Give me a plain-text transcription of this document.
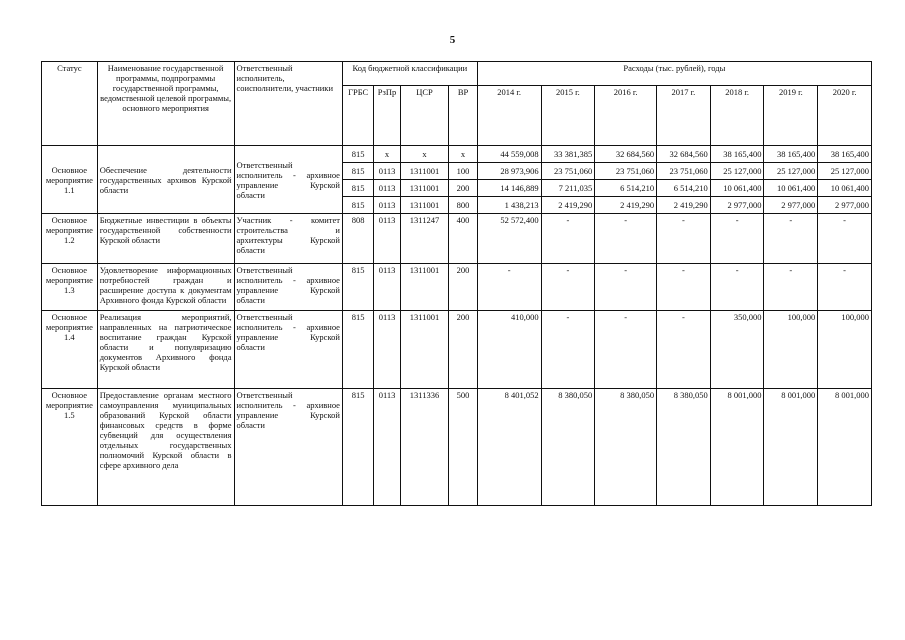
5
Статус	Наименование государственной программы, подпрограммы государственной программы, ведомственной целевой программы, основного мероприятия	Ответственный исполнитель, соисполнители, участники	Код бюджетной классификации				Расходы (тыс. рублей), годы						
			ГРБС	РзПр	ЦСР	ВР	2014 г.	2015 г.	2016 г.	2017 г.	2018 г.	2019 г.	2020 г.
Основное мероприятие 1.1	Обеспечение деятельности государственных архивов Курской области	Ответственный исполнитель - архивное управление Курской области	815	х	х	х	44 559,008	33 381,385	32 684,560	32 684,560	38 165,400	38 165,400	38 165,400
			815	0113	1311001	100	28 973,906	23 751,060	23 751,060	23 751,060	25 127,000	25 127,000	25 127,000
			815	0113	1311001	200	14 146,889	7 211,035	6 514,210	6 514,210	10 061,400	10 061,400	10 061,400
			815	0113	1311001	800	1 438,213	2 419,290	2 419,290	2 419,290	2 977,000	2 977,000	2 977,000
Основное мероприятие 1.2	Бюджетные инвестиции в объекты государственной собственности Курской области	Участник - комитет строительства и архитектуры Курской области	808	0113	1311247	400	52 572,400	-	-	-	-	-	-
Основное мероприятие 1.3	Удовлетворение информационных потребностей граждан и расширение доступа к документам Архивного фонда Курской области	Ответственный исполнитель - архивное управление Курской области	815	0113	1311001	200	-	-	-	-	-	-	-
Основное мероприятие 1.4	Реализация мероприятий, направленных на патриотическое воспитание граждан Курской области и популяризацию документов Архивного фонда Курской области	Ответственный исполнитель - архивное управление Курской области	815	0113	1311001	200	410,000	-	-	-	350,000	100,000	100,000
Основное мероприятие 1.5	Предоставление органам местного самоуправления муниципальных образований Курской области финансовых средств в форме субвенций для осуществления отдельных государственных полномочий Курской области в сфере архивного дела	Ответственный исполнитель - архивное управление Курской области	815	0113	1311336	500	8 401,052	8 380,050	8 380,050	8 380,050	8 001,000	8 001,000	8 001,000
